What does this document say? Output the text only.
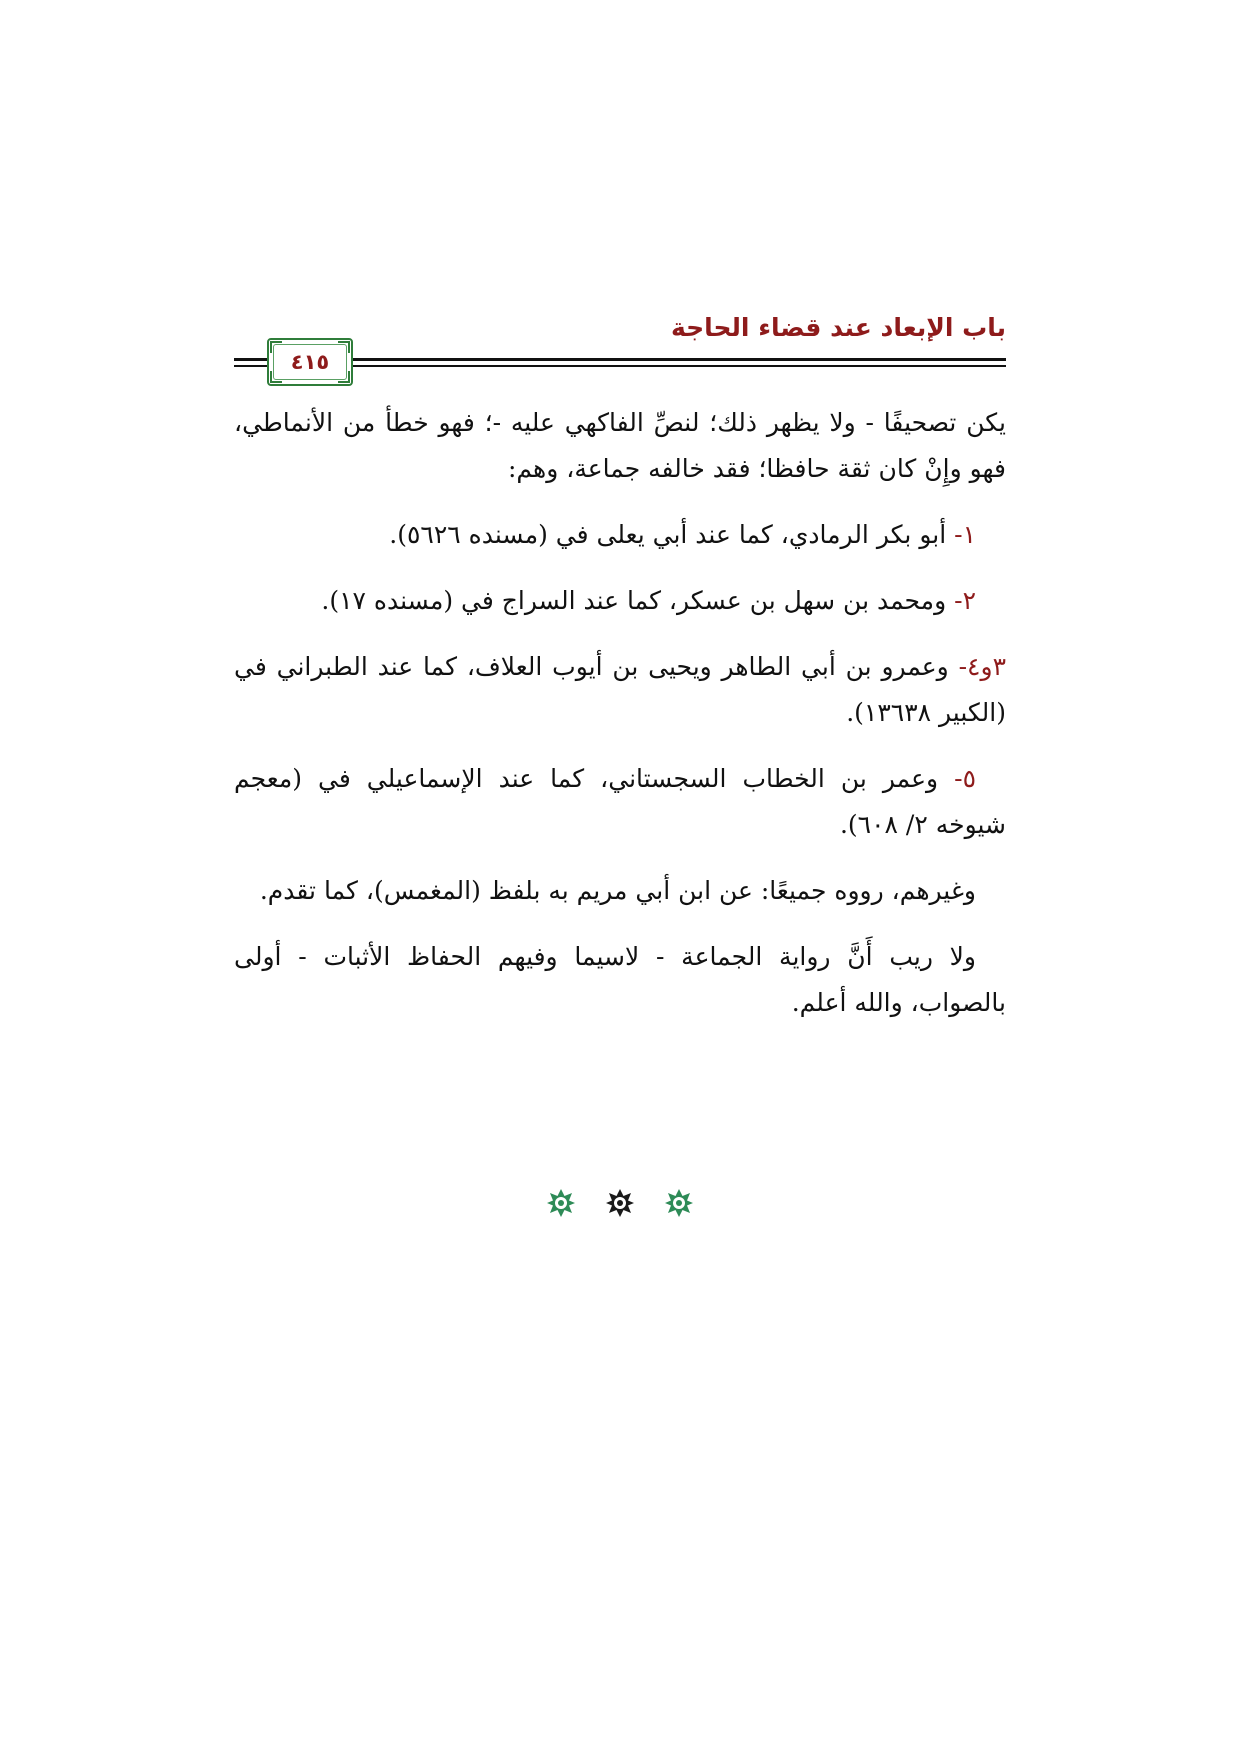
باب الإبعاد عند قضاء الحاجة
٤١٥

يكن تصحيفًا - ولا يظهر ذلك؛ لنصِّ الفاكهي عليه -؛ فهو خطأ من الأنماطي، فهو وإِنْ كان ثقة حافظا؛ فقد خالفه جماعة، وهم:

١- أبو بكر الرمادي، كما عند أبي يعلى في (مسنده ٥٦٢٦).

٢- ومحمد بن سهل بن عسكر، كما عند السراج في (مسنده ١٧).

٣و٤- وعمرو بن أبي الطاهر ويحيى بن أيوب العلاف، كما عند الطبراني في (الكبير ١٣٦٣٨).

٥- وعمر بن الخطاب السجستاني، كما عند الإسماعيلي في (معجم شيوخه ٢/ ٦٠٨).

وغيرهم، رووه جميعًا: عن ابن أبي مريم به بلفظ (المغمس)، كما تقدم.

ولا ريب أَنَّ رواية الجماعة - لاسيما وفيهم الحفاظ الأثبات - أولى بالصواب، والله أعلم.
